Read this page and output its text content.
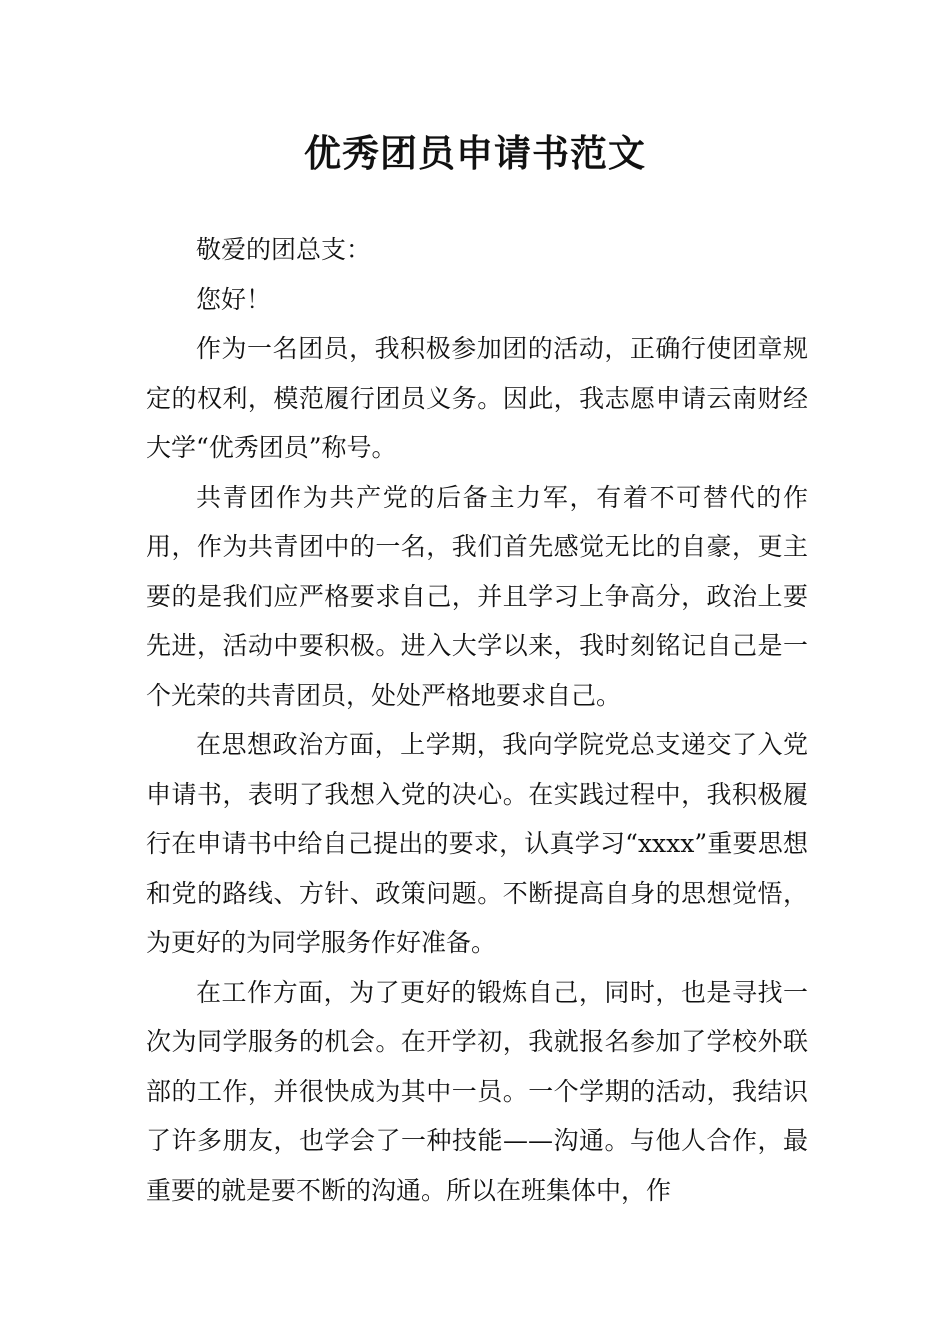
优秀团员申请书范文

敬爱的团总支：

您好！

作为一名团员，我积极参加团的活动，正确行使团章规定的权利，模范履行团员义务。因此，我志愿申请云南财经大学“优秀团员”称号。

共青团作为共产党的后备主力军，有着不可替代的作用，作为共青团中的一名，我们首先感觉无比的自豪，更主要的是我们应严格要求自己，并且学习上争高分，政治上要先进，活动中要积极。进入大学以来，我时刻铭记自己是一个光荣的共青团员，处处严格地要求自己。

在思想政治方面，上学期，我向学院党总支递交了入党申请书，表明了我想入党的决心。在实践过程中，我积极履行在申请书中给自己提出的要求，认真学习“xxxx”重要思想和党的路线、方针、政策问题。不断提高自身的思想觉悟，为更好的为同学服务作好准备。

在工作方面，为了更好的锻炼自己，同时，也是寻找一次为同学服务的机会。在开学初，我就报名参加了学校外联部的工作，并很快成为其中一员。一个学期的活动，我结识了许多朋友，也学会了一种技能——沟通。与他人合作，最重要的就是要不断的沟通。所以在班集体中，作
